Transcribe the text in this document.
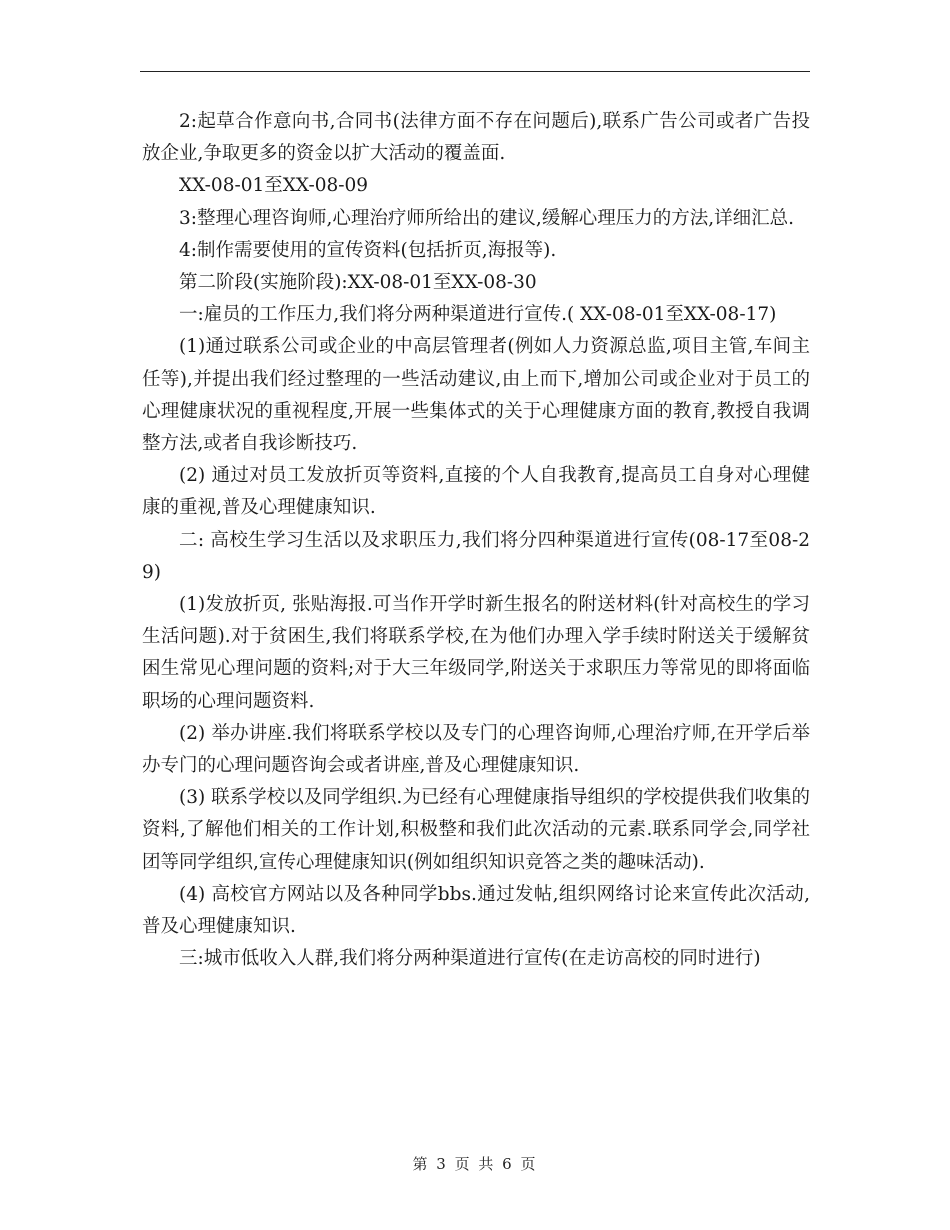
2:起草合作意向书,合同书(法律方面不存在问题后),联系广告公司或者广告投放企业,争取更多的资金以扩大活动的覆盖面.

XX-08-01至XX-08-09

3:整理心理咨询师,心理治疗师所给出的建议,缓解心理压力的方法,详细汇总.

4:制作需要使用的宣传资料(包括折页,海报等).

第二阶段(实施阶段):XX-08-01至XX-08-30

一:雇员的工作压力,我们将分两种渠道进行宣传.( XX-08-01至XX-08-17)

(1)通过联系公司或企业的中高层管理者(例如人力资源总监,项目主管,车间主任等),并提出我们经过整理的一些活动建议,由上而下,增加公司或企业对于员工的心理健康状况的重视程度,开展一些集体式的关于心理健康方面的教育,教授自我调整方法,或者自我诊断技巧.

(2) 通过对员工发放折页等资料,直接的个人自我教育,提高员工自身对心理健康的重视,普及心理健康知识.

二: 高校生学习生活以及求职压力,我们将分四种渠道进行宣传(08-17至08-29)

(1)发放折页, 张贴海报.可当作开学时新生报名的附送材料(针对高校生的学习生活问题).对于贫困生,我们将联系学校,在为他们办理入学手续时附送关于缓解贫困生常见心理问题的资料;对于大三年级同学,附送关于求职压力等常见的即将面临职场的心理问题资料.

(2) 举办讲座.我们将联系学校以及专门的心理咨询师,心理治疗师,在开学后举办专门的心理问题咨询会或者讲座,普及心理健康知识.

(3) 联系学校以及同学组织.为已经有心理健康指导组织的学校提供我们收集的资料,了解他们相关的工作计划,积极整和我们此次活动的元素.联系同学会,同学社团等同学组织,宣传心理健康知识(例如组织知识竞答之类的趣味活动).

(4) 高校官方网站以及各种同学bbs.通过发帖,组织网络讨论来宣传此次活动,普及心理健康知识.

三:城市低收入人群,我们将分两种渠道进行宣传(在走访高校的同时进行)

第 3 页 共 6 页
